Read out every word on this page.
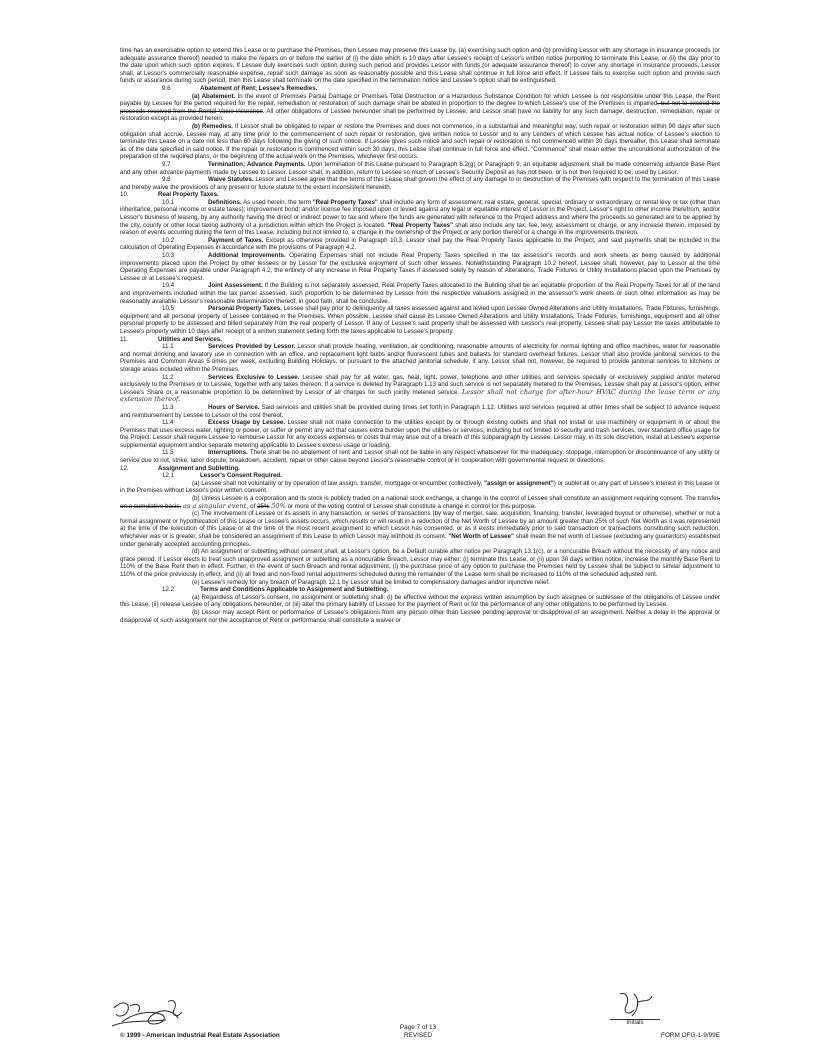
time has an exercisable option to extend this Lease or to purchase the Premises, then Lessee may preserve this Lease by, (a) exercising such option and (b) providing Lessor with any shortage in insurance proceeds (or adequate assurance thereof) needed to make the repairs on or before the earlier of (i) the date which is 10 days after Lessee's receipt of Lessor's written notice purporting to terminate this Lease, or (ii) the day prior to the date upon which such option expires. If Lessee duly exercises such option during such period and provides Lessor with funds (or adequate assurance thereof) to cover any shortage in insurance proceeds, Lessor shall, at Lessor's commercially reasonable expense, repair such damage as soon as reasonably possible and this Lease shall continue in full force and effect. If Lessee fails to exercise such option and provide such funds or assurance during such period, then this Lease shall terminate on the date specified in the termination notice and Lessee's option shall be extinguished.

9.6	Abatement of Rent; Lessee's Remedies.

(a) Abatement. In the event of Premises Partial Damage or Premises Total Destruction or a Hazardous Substance Condition for which Lessee is not responsible under this Lease, the Rent payable by Lessee for the period required for the repair, remediation or restoration of such damage shall be abated in proportion to the degree to which Lessee's use of the Premises is impaired, but not to exceed the proceeds received from the Rental Value insurance. All other obligations of Lessee hereunder shall be performed by Lessee, and Lessor shall have no liability for any such damage, destruction, remediation, repair or restoration except as provided herein.

(b) Remedies. If Lessor shall be obligated to repair or restore the Premises and does not commence, in a substantial and meaningful way, such repair or restoration within 90 days after such obligation shall accrue, Lessee may, at any time prior to the commencement of such repair or restoration, give written notice to Lessor and to any Lenders of which Lessee has actual notice, of Lessee's election to terminate this Lease on a date not less than 60 days following the giving of such notice. If Lessee gives such notice and such repair or restoration is not commenced within 30 days thereafter, this Lease shall terminate as of the date specified in said notice. If the repair or restoration is commenced within such 30 days, this Lease shall continue in full force and effect. "Commence" shall mean either the unconditional authorization of the preparation of the required plans, or the beginning of the actual work on the Premises, whichever first occurs.

9.7	Termination; Advance Payments. Upon termination of this Lease pursuant to Paragraph 6.2(g) or Paragraph 9, an equitable adjustment shall be made concerning advance Base Rent and any other advance payments made by Lessee to Lessor. Lessor shall, in addition, return to Lessee so much of Lessee's Security Deposit as has not been, or is not then required to be, used by Lessor.

9.8	Waive Statutes. Lessor and Lessee agree that the terms of this Lease shall govern the effect of any damage to or destruction of the Premises with respect to the termination of this Lease and hereby waive the provisions of any present or future statute to the extent inconsistent herewith.

10.	Real Property Taxes.

10.1	Definitions. As used herein, the term "Real Property Taxes" shall include any form of assessment; real estate, general, special, ordinary or extraordinary, or rental levy or tax (other than inheritance, personal income or estate taxes); improvement bond; and/or license fee imposed upon or levied against any legal or equitable interest of Lessor in the Project, Lessor's right to other income therefrom, and/or Lessor's business of leasing, by any authority having the direct or indirect power to tax and where the funds are generated with reference to the Project address and where the proceeds so generated are to be applied by the city, county or other local taxing authority of a jurisdiction within which the Project is located. "Real Property Taxes" shall also include any tax, fee, levy, assessment or charge, or any increase therein, imposed by reason of events occurring during the term of this Lease, including but not limited to, a change in the ownership of the Project or any portion thereof or a change in the improvements thereon.

10.2	Payment of Taxes. Except as otherwise provided in Paragraph 10.3, Lessor shall pay the Real Property Taxes applicable to the Project, and said payments shall be included in the calculation of Operating Expenses in accordance with the provisions of Paragraph 4.2.

10.3	Additional Improvements. Operating Expenses shall not include Real Property Taxes specified in the tax assessor's records and work sheets as being caused by additional improvements placed upon the Project by other lessees or by Lessor for the exclusive enjoyment of such other lessees. Notwithstanding Paragraph 10.2 hereof, Lessee shall, however, pay to Lessor at the time Operating Expenses are payable under Paragraph 4.2, the entirety of any increase in Real Property Taxes if assessed solely by reason of Alterations, Trade Fixtures or Utility Installations placed upon the Premises by Lessee or at Lessee's request.

10.4	Joint Assessment. If the Building is not separately assessed, Real Property Taxes allocated to the Building shall be an equitable proportion of the Real Property Taxes for all of the land and improvements included within the tax parcel assessed, such proportion to be determined by Lessor from the respective valuations assigned in the assessor's work sheets or such other information as may be reasonably available. Lessor's reasonable determination thereof, in good faith, shall be conclusive.

10.5	Personal Property Taxes. Lessee shall pay prior to delinquency all taxes assessed against and levied upon Lessee Owned Alterations and Utility Installations, Trade Fixtures, furnishings, equipment and all personal property of Lessee contained in the Premises. When possible, Lessee shall cause its Lessee Owned Alterations and Utility Installations, Trade Fixtures, furnishings, equipment and all other personal property to be assessed and billed separately from the real property of Lessor. If any of Lessee's said property shall be assessed with Lessor's real property, Lessee shall pay Lessor the taxes attributable to Lessee's property within 10 days after receipt of a written statement setting forth the taxes applicable to Lessee's property.

11.	Utilities and Services.

11.1	Services Provided by Lessor. Lessor shall provide heating, ventilation, air conditioning, reasonable amounts of electricity for normal lighting and office machines, water for reasonable and normal drinking and lavatory use in connection with an office, and replacement light bulbs and/or fluorescent tubes and ballasts for standard overhead fixtures. Lessor shall also provide janitorial services to the Premises and Common Areas 5 times per week, excluding Building Holidays, or pursuant to the attached janitorial schedule, if any. Lessor shall not, however, be required to provide janitorial services to kitchens or storage areas included within the Premises.

11.2	Services Exclusive to Lessee. Lessee shall pay for all water, gas, heat, light, power, telephone and other utilities and services specially or exclusively supplied and/or metered exclusively to the Premises or to Lessee, together with any taxes thereon. If a service is deleted by Paragraph 1.13 and such service is not separately metered to the Premises, Lessee shall pay at Lessor's option, either Lessee's Share or a reasonable proportion to be determined by Lessor of all charges for such jointly metered service. Lessor shall not charge for after-hour HVAC during the lease term or any extension thereof.

11.3	Hours of Service. Said services and utilities shall be provided during times set forth in Paragraph 1.12. Utilities and services required at other times shall be subject to advance request and reimbursement by Lessee to Lessor of the cost thereof.

11.4	Excess Usage by Lessee. Lessee shall not make connection to the utilities except by or through existing outlets and shall not install or use machinery or equipment in or about the Premises that uses excess water, lighting or power, or suffer or permit any act that causes extra burden upon the utilities or services, including but not limited to security and trash services, over standard office usage for the Project. Lessor shall require Lessee to reimburse Lessor for any excess expenses or costs that may arise out of a breach of this subparagraph by Lessee. Lessor may, in its sole discretion, install at Lessee's expense supplemental equipment and/or separate metering applicable to Lessee's excess usage or loading.

11.5	Interruptions. There shall be no abatement of rent and Lessor shall not be liable in any respect whatsoever for the inadequacy, stoppage, interruption or discontinuance of any utility or service due to riot, strike, labor dispute, breakdown, accident, repair or other cause beyond Lessor's reasonable control or in cooperation with governmental request or directions.

12.	Assignment and Subletting.

12.1	Lessor's Consent Required.

(a) Lessee shall not voluntarily or by operation of law assign, transfer, mortgage or encumber (collectively, "assign or assignment") or sublet all or any part of Lessee's interest in this Lease or in the Premises without Lessor's prior written consent.

(b) Unless Lessee is a corporation and its stock is publicly traded on a national stock exchange, a change in the control of Lessee shall constitute an assignment requiring consent. The transfer, on a cumulative basis, as a singular event, of 25% 50% or more of the voting control of Lessee shall constitute a change in control for this purpose.

(c) The involvement of Lessee or its assets in any transaction, or series of transactions (by way of merger, sale, acquisition, financing, transfer, leveraged buyout or otherwise), whether or not a formal assignment or hypothecation of this Lease or Lessee's assets occurs, which results or will result in a reduction of the Net Worth of Lessee by an amount greater than 25% of such Net Worth as it was represented at the time of the execution of this Lease or at the time of the most recent assignment to which Lessor has consented, or as it exists immediately prior to said transaction or transactions constituting such reduction, whichever was or is greater, shall be considered an assignment of this Lease to which Lessor may withhold its consent. "Net Worth of Lessee" shall mean the net worth of Lessee (excluding any guarantors) established under generally accepted accounting principles.

(d) An assignment or subletting without consent shall, at Lessor's option, be a Default curable after notice per Paragraph 13.1(c), or a noncurable Breach without the necessity of any notice and grace period. If Lessor elects to treat such unapproved assignment or subletting as a noncurable Breach, Lessor may either: (i) terminate this Lease, or (ii) upon 30 days written notice, increase the monthly Base Rent to 110% of the Base Rent then in effect. Further, in the event of such Breach and rental adjustment, (i) the purchase price of any option to purchase the Premises held by Lessee shall be subject to similar adjustment to 110% of the price previously in effect, and (ii) all fixed and non-fixed rental adjustments scheduled during the remainder of the Lease term shall be increased to 110% of the scheduled adjusted rent.

(e) Lessee's remedy for any breach of Paragraph 12.1 by Lessor shall be limited to compensatory damages and/or injunctive relief.

12.2	Terms and Conditions Applicable to Assignment and Subletting.

(a) Regardless of Lessor's consent, no assignment or subletting shall: (i) be effective without the express written assumption by such assignee or sublessee of the obligations of Lessee under this Lease, (ii) release Lessee of any obligations hereunder, or (iii) alter the primary liability of Lessee for the payment of Rent or for the performance of any other obligations to be performed by Lessee.

(b) Lessor may accept Rent or performance of Lessee's obligations from any person other than Lessee pending approval or disapproval of an assignment. Neither a delay in the approval or disapproval of such assignment nor the acceptance of Rent or performance shall constitute a waiver or

Initials
© 1999 - American Industrial Real Estate Association
Page 7 of 13
REVISED	FORM OFG-1-9/99E
